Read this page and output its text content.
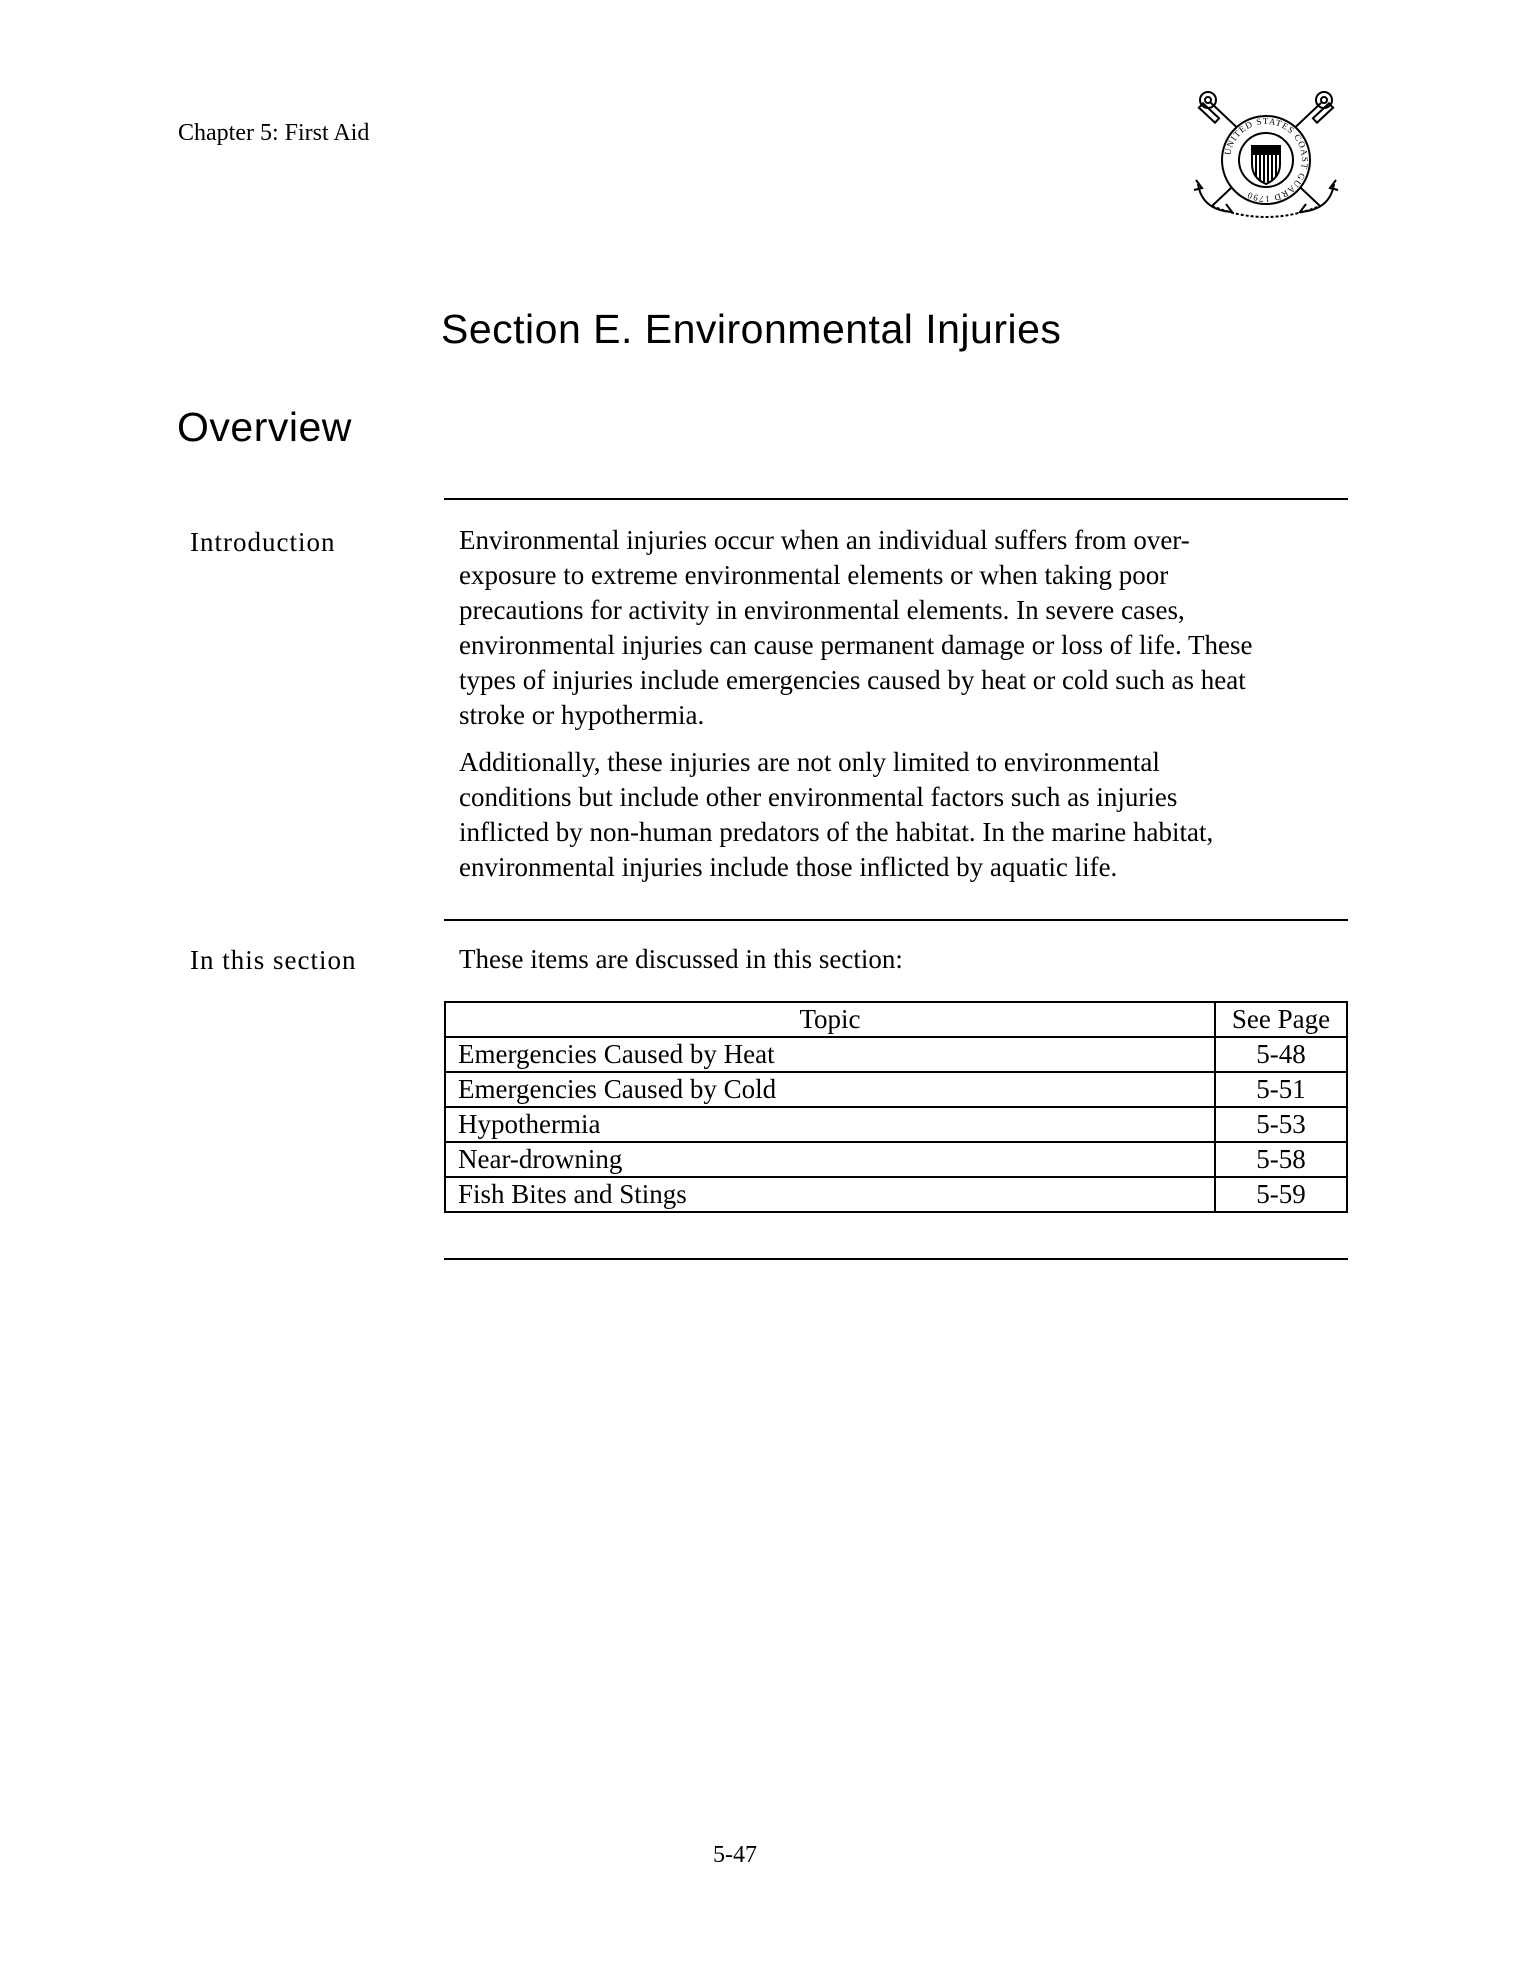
Chapter 5: First Aid
UNITED STATES COAST GUARD 1790
Section E. Environmental Injuries
Overview
Introduction	Environmental injuries occur when an individual suffers from over-
exposure to extreme environmental elements or when taking poor
precautions for activity in environmental elements. In severe cases,
environmental injuries can cause permanent damage or loss of life. These
types of injuries include emergencies caused by heat or cold such as heat
stroke or hypothermia.

Additionally, these injuries are not only limited to environmental
conditions but include other environmental factors such as injuries
inflicted by non-human predators of the habitat. In the marine habitat,
environmental injuries include those inflicted by aquatic life.

In this section	These items are discussed in this section:
Topic	See Page
Emergencies Caused by Heat	5-48
Emergencies Caused by Cold	5-51
Hypothermia	5-53
Near-drowning	5-58
Fish Bites and Stings	5-59
5-47
